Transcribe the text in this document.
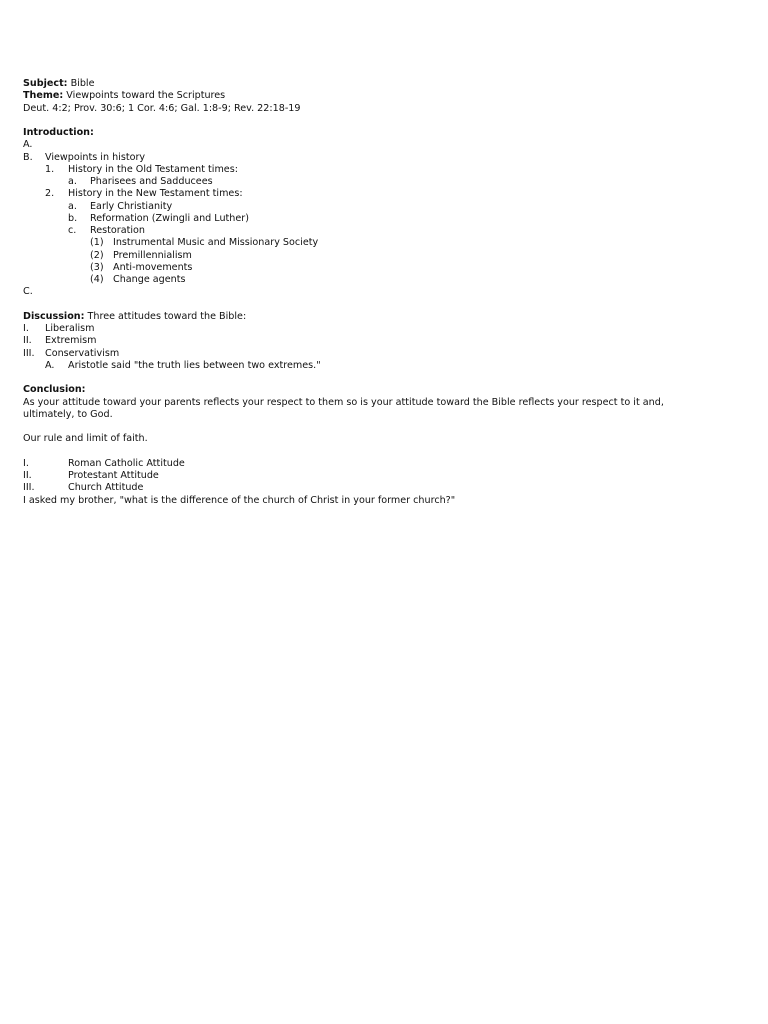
Subject: Bible
Theme: Viewpoints toward the Scriptures
Deut. 4:2; Prov. 30:6; 1 Cor. 4:6; Gal. 1:8-9; Rev. 22:18-19
Introduction:
A.
B. Viewpoints in history
1. History in the Old Testament times:
a. Pharisees and Sadducees
2. History in the New Testament times:
a. Early Christianity
b. Reformation (Zwingli and Luther)
c. Restoration
(1) Instrumental Music and Missionary Society
(2) Premillennialism
(3) Anti-movements
(4) Change agents
C.
Discussion: Three attitudes toward the Bible:
I. Liberalism
II. Extremism
III. Conservativism
A. Aristotle said "the truth lies between two extremes."
Conclusion:
As your attitude toward your parents reflects your respect to them so is your attitude toward the Bible reflects your respect to it and, ultimately, to God.
Our rule and limit of faith.
I.	Roman Catholic Attitude
II.	Protestant Attitude
III.	Church Attitude
I asked my brother, "what is the difference of the church of Christ in your former church?"
